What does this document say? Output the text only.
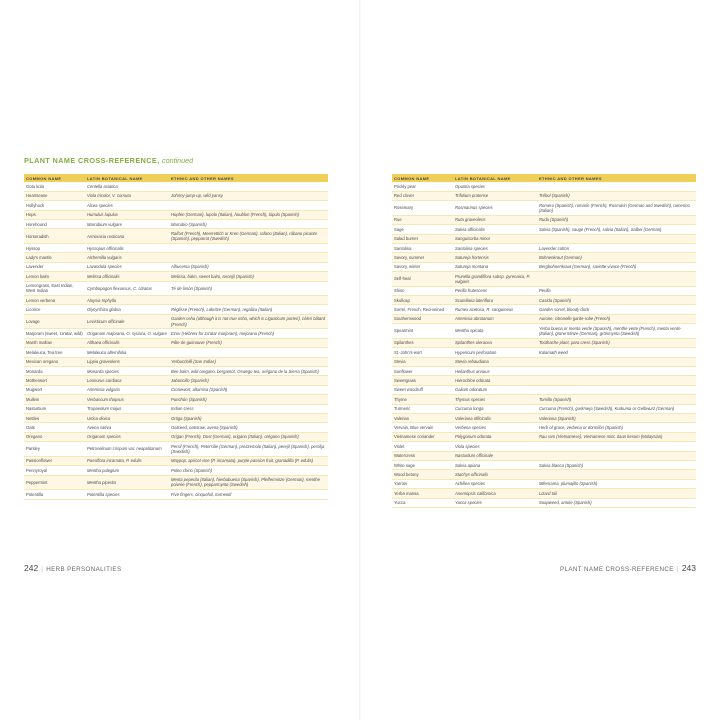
PLANT NAME CROSS-REFERENCE, continued
COMMON NAME	LATIN BOTANICAL NAME	ETHNIC AND OTHER NAMES
Gotu kola	Centella asiatica	
Heartsease	Viola tricolor, V. cornuta	Johnny-jump-up, wild pansy
Hollyhock	Alcea species	
Hops	Humulus lupulus	Hopfen (German), lupolo (Italian), houblon (French), lúpulo (Spanish)
Horehound	Marrubium vulgare	Marrubio (Spanish)
Horseradish	Armoracia rusticana	Raifort (French), Meerrettich or Kren (German), rafano (Italian), rábano picante (Spanish), pepparrot (Swedish)
Hyssop	Hyssopus officinalis	
Lady's mantle	Alchemilla vulgaris	
Lavender	Lavandula species	Alhucema (Spanish)
Lemon balm	Melissa officinalis	Melissa, balm, sweet balm, toronjil (Spanish)
Lemongrass, East Indian, West Indian	Cymbopogon flexuosus, C. citratus	Té de limón (Spanish)
Lemon verbena	Aloysia triphylla	
Licorice	Glycyrrhiza glabra	Réglisse (French), Lakritze (German), regaliza (Italian)
Lovage	Levisticum officinale	Garden osha (although it is not true osha, which is Ligusticum porteri), céleri bâtard (French)
Marjoram (sweet, za'atar, wild)	Origanum majorana, O. syriaca, O. vulgare	Ezov (Hebrew for za'atar marjoram), mejorana (French)
Marsh mallow	Althaea officinalis	Pâte de guimauve (French)
Melaleuca, Tea tree	Melaleuca alternifolia	
Mexican oregano	Lippia graveolens	Yerbucchilli (San Indias)
Monarda	Monarda species	Bee balm, wild oregano, bergamot, Oswego tea, orégano de la Sierra (Spanish)
Motherwort	Leonurus cardiaca	Jaboncillo (Spanish)
Mugwort	Artemisia vulgaris	Cronewort, altamisa (Spanish)
Mullein	Verbascum thapsus	Punchón (Spanish)
Nasturtium	Tropaeolum majus	Indian cress
Nettles	Urtica dioica	Ortiga (Spanish)
Oats	Avena sativa	Oatseed, oatstraw, avena (Spanish)
Oregano	Origanum species	Origan (French), Dost (German), origano (Italian), orégano (Spanish)
Parsley	Petroselinum crispum var. neapolitanum	Persil (French), Petersilie (German), prezzemolo (Italian), perejil (Spanish), persilja (Swedish)
Passionflower	Passiflora incarnata, P. edulis	Maypop, apricot vine (P. incarnata), purple passion fruit, granadilla (P. edulis)
Pennyroyal	Mentha pulegium	Poleo chino (Spanish)
Peppermint	Mentha piperita	Menta peperita (Italian), hierbabuena (Spanish), Pfefferminze (German), menthe poivrée (French), pepparmynta (Swedish)
Potentilla	Potentilla species	Five-fingers, cinquefoil, tormentil
COMMON NAME	LATIN BOTANICAL NAME	ETHNIC AND OTHER NAMES
Prickly pear	Opuntia species	
Red clover	Trifolium pratense	Trébol (Spanish)
Rosemary	Rosmarinus species	Romero (Spanish), romarin (French), Rosmarin (German and Swedish), ramerino (Italian)
Rue	Ruta graveolens	Ruda (Spanish)
Sage	Salvia officinalis	Salvia (Spanish), sauge (French), salvia (Italian), Salbei (German)
Salad burnet	Sanguisorba minor	
Santolina	Santolina species	Lavender cotton
Savory, summer	Satureja hortensis	Bohnenkraut (German)
Savory, winter	Satureja montana	Bergbohnenkraut (German), sariette vivace (French)
Self-heal	Prunella grandiflora subsp. pyrenaica, P. vulgaris	
Shiso	Perilla frutescens	Perilla
Skullcap	Scutellaria lateriflora	Casida (Spanish)
Sorrel, French, Red-veined	Rumex acetosa, R. sanguineus	Garden sorrel, bloody dock
Southernwood	Artemisia abrotanum	Aurone, citronelle garde-robe (French)
Spearmint	Mentha spicata	Yerba buena or menta verde (Spanish), menthe verte (French), menta verde (Italian), grüne Minze (German), grönmynta (Swedish)
Spilanthes	Spilanthes oleracea	Toothache plant, para cress (Spanish)
St.-John's-wort	Hypericum perforatum	Kalamath weed
Stevia	Stevia rebaudiana	
Sunflower	Helianthus annuus	
Sweetgrass	Hierochloe odorata	
Sweet woodruff	Galium odoratum	
Thyme	Thymus species	Tomillo (Spanish)
Turmeric	Curcuma longa	Curcuma (French), gurkmeja (Swedish), Kurkuma or Gelbwurz (German)
Valerian	Valeriana officinalis	Valeriana (Spanish)
Vervain, Blue vervain	Verbena species	Herb of grace, verbena or dormilón (Spanish)
Vietnamese coriander	Polygonum odorata	Rau ram (Vietnamese), Vietnamese mint, daun kesom (Malaysian)
Violet	Viola species	
Watercress	Nasturtium officinale	
White sage	Salvia apiana	Salvia blanca (Spanish)
Wood betony	Stachys officinalis	
Yarrow	Achillea species	Milenrama, plumajillo (Spanish)
Yerba mansa	Anemopsis californica	Lizard tail
Yucca	Yucca species	Soapweed, amole (Spanish)
242 | HERB PERSONALITIES	PLANT NAME CROSS-REFERENCE | 243
